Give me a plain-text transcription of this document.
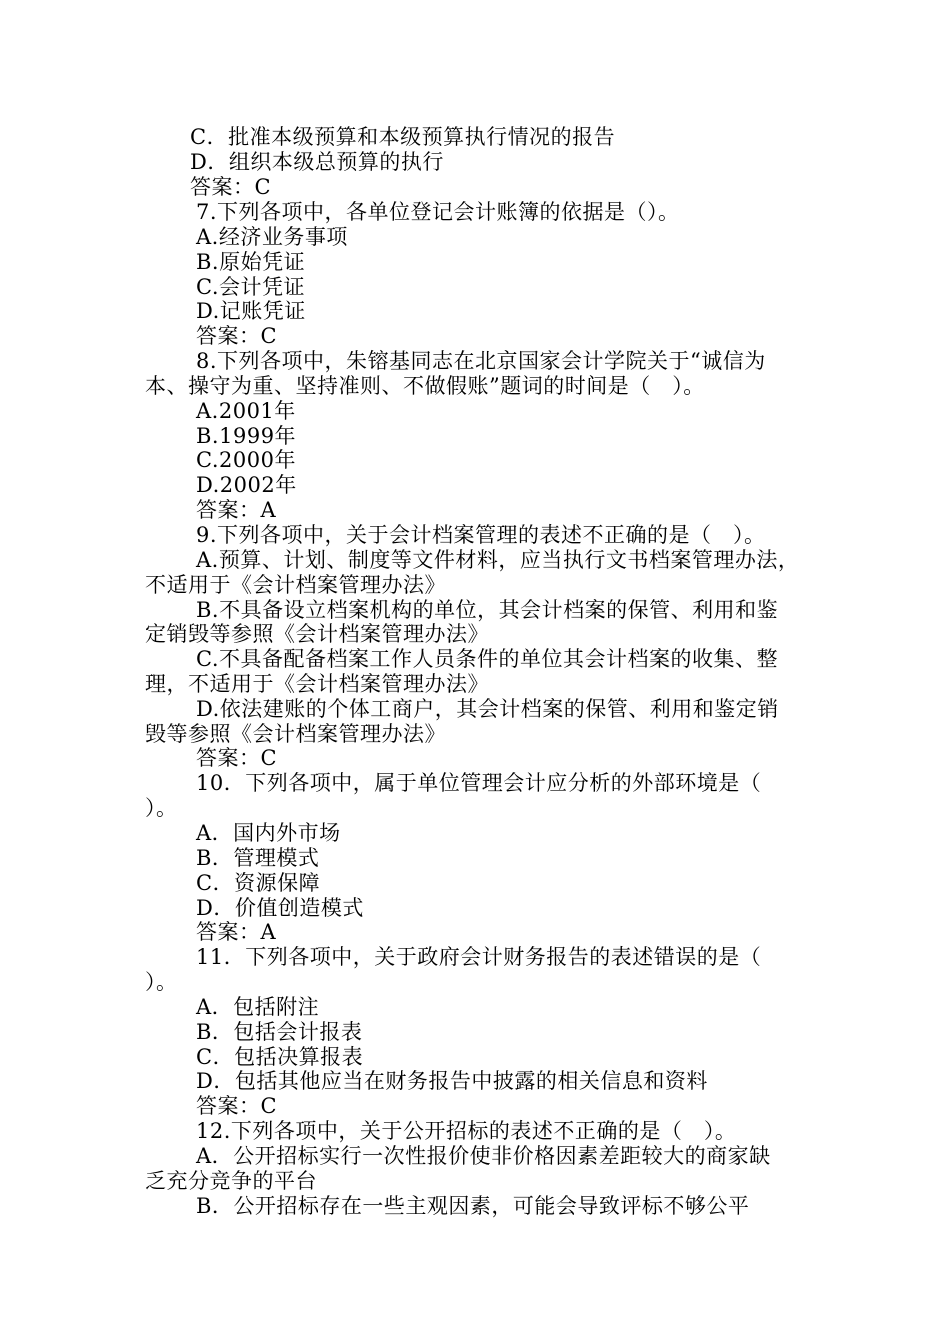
C．批准本级预算和本级预算执行情况的报告
D．组织本级总预算的执行
答案：C
7.下列各项中，各单位登记会计账簿的依据是（）。
A.经济业务事项
B.原始凭证
C.会计凭证
D.记账凭证
答案：C
8.下列各项中，朱镕基同志在北京国家会计学院关于“诚信为
本、操守为重、坚持准则、不做假账”题词的时间是（　）。
A.2001年
B.1999年
C.2000年
D.2002年
答案：A
9.下列各项中，关于会计档案管理的表述不正确的是（　）。
A.预算、计划、制度等文件材料，应当执行文书档案管理办法，
不适用于《会计档案管理办法》
B.不具备设立档案机构的单位，其会计档案的保管、利用和鉴
定销毁等参照《会计档案管理办法》
C.不具备配备档案工作人员条件的单位其会计档案的收集、整
理，不适用于《会计档案管理办法》
D.依法建账的个体工商户，其会计档案的保管、利用和鉴定销
毁等参照《会计档案管理办法》
答案：C
10．下列各项中，属于单位管理会计应分析的外部环境是（
）。
A．国内外市场
B．管理模式
C．资源保障
D．价值创造模式
答案：A
11．下列各项中，关于政府会计财务报告的表述错误的是（
）。
A．包括附注
B．包括会计报表
C．包括决算报表
D．包括其他应当在财务报告中披露的相关信息和资料
答案：C
12.下列各项中，关于公开招标的表述不正确的是（　）。
A．公开招标实行一次性报价使非价格因素差距较大的商家缺
乏充分竞争的平台
B．公开招标存在一些主观因素，可能会导致评标不够公平
